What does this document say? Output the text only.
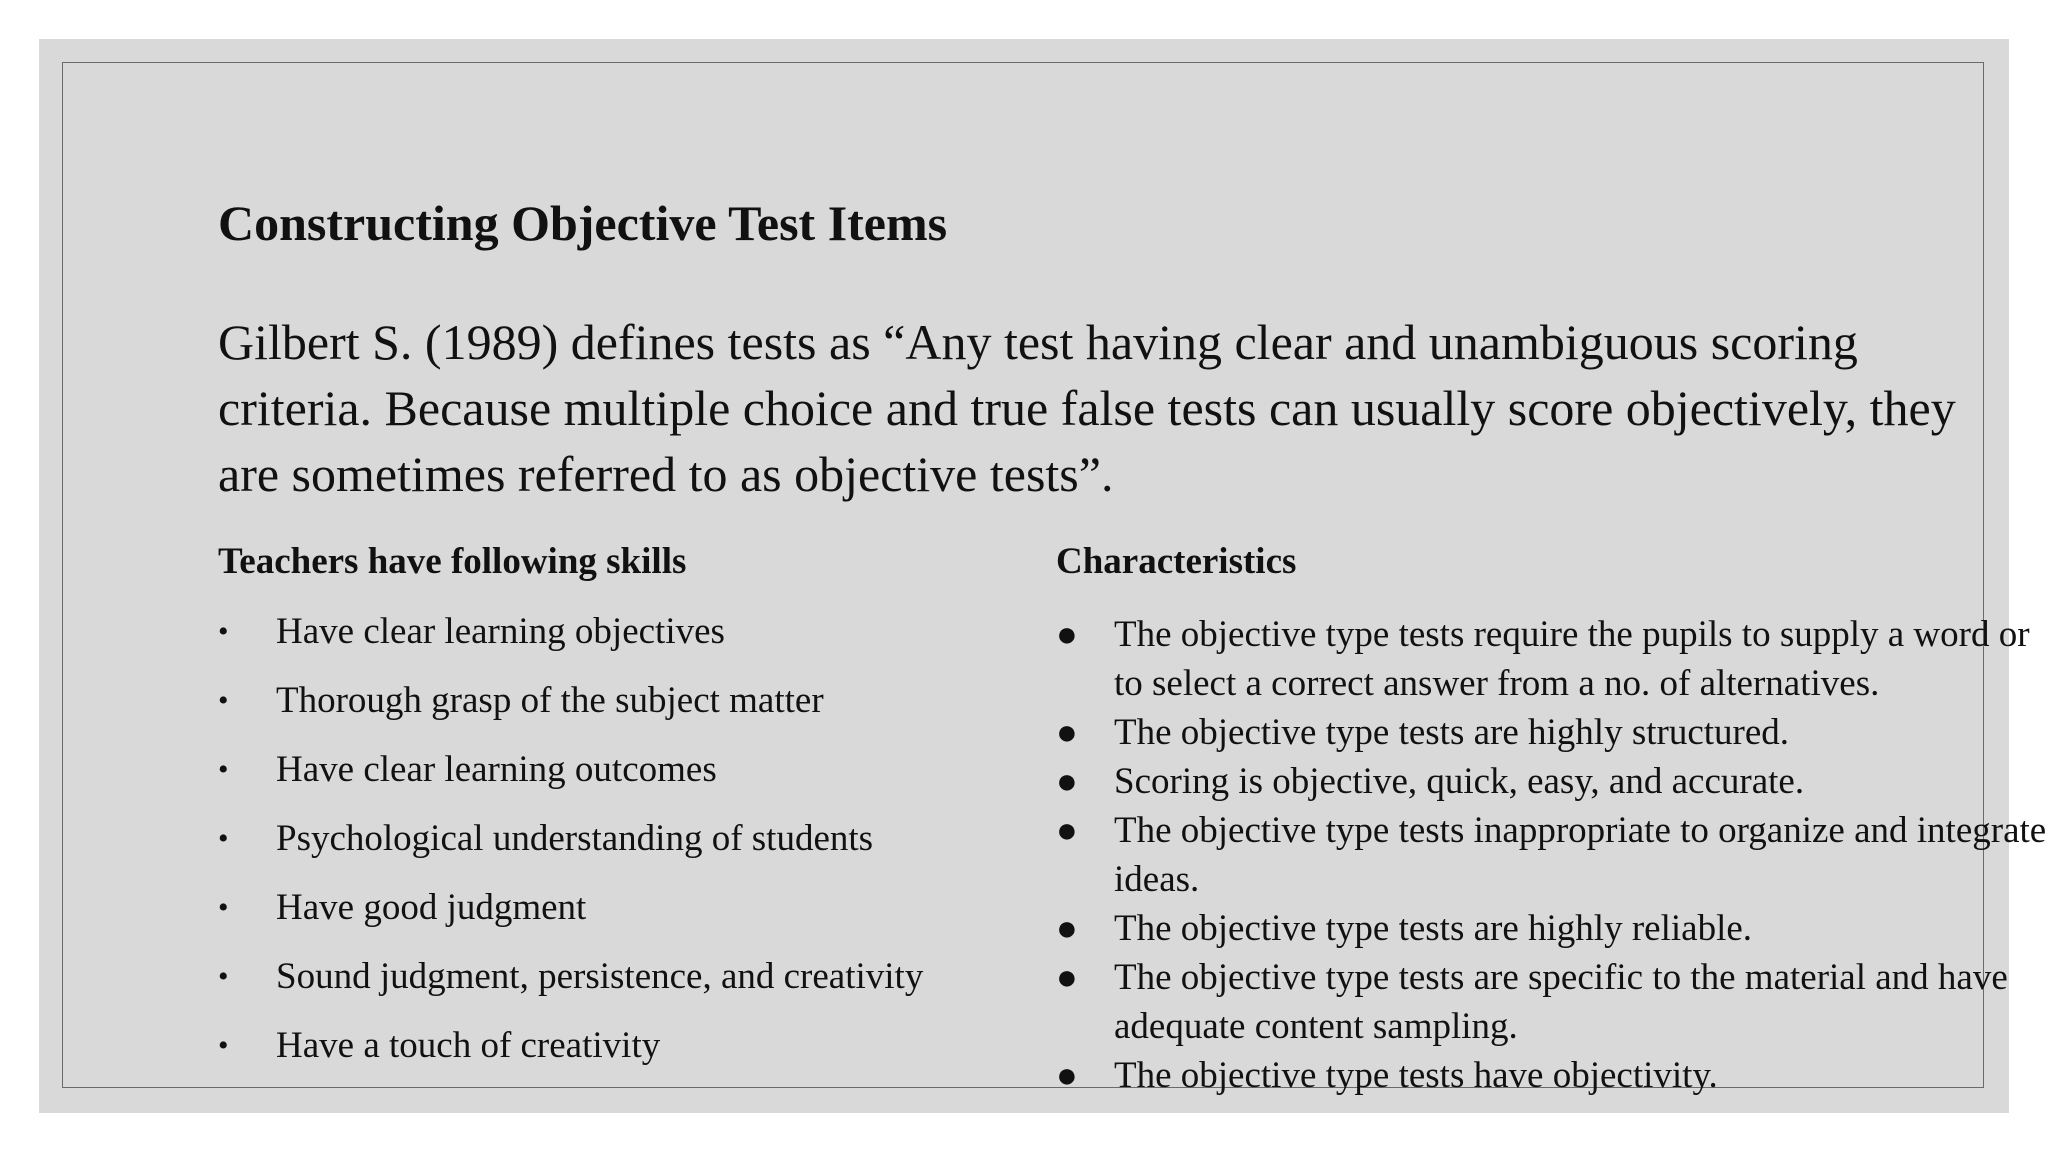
Constructing Objective Test Items
Gilbert S. (1989) defines tests as “Any test having clear and unambiguous scoring criteria. Because multiple choice and true false tests can usually score objectively, they are sometimes referred to as objective tests”.
Teachers have following skills
• Have clear learning objectives
• Thorough grasp of the subject matter
• Have clear learning outcomes
• Psychological understanding of students
• Have good judgment
• Sound judgment, persistence, and creativity
• Have a touch of creativity
Characteristics
● The objective type tests require the pupils to supply a word or to select a correct answer from a no. of alternatives.
● The objective type tests are highly structured.
● Scoring is objective, quick, easy, and accurate.
● The objective type tests inappropriate to organize and integrate ideas.
● The objective type tests are highly reliable.
● The objective type tests are specific to the material and have adequate content sampling.
● The objective type tests have objectivity.
